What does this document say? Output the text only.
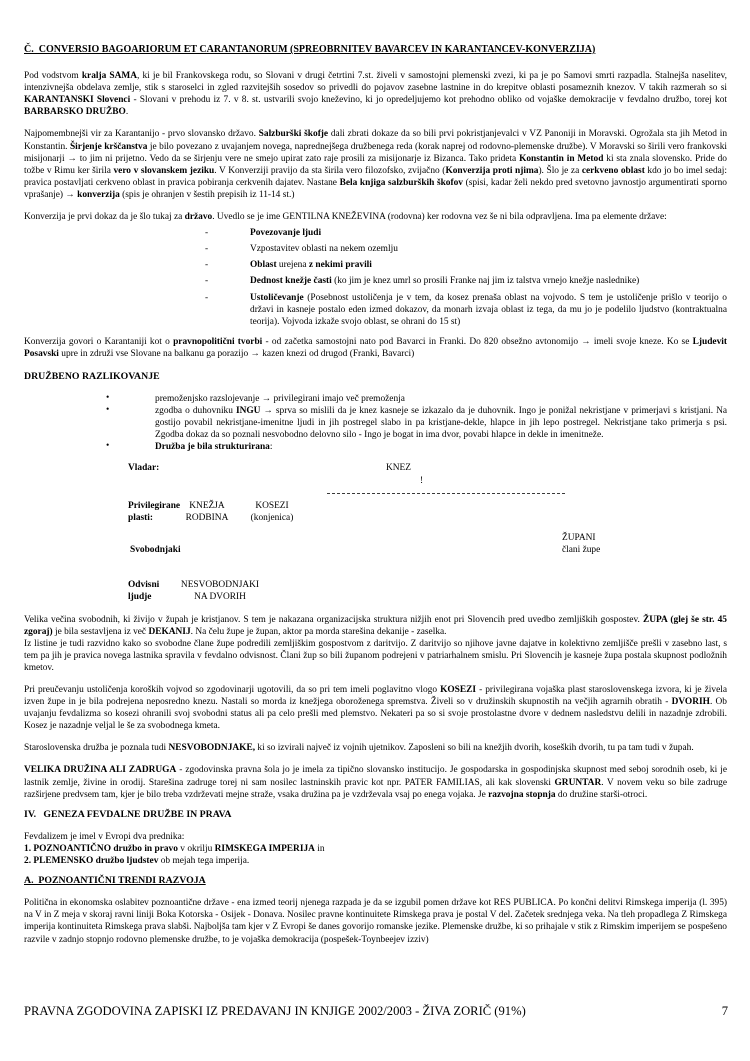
Č.  CONVERSIO BAGOARIORUM ET CARANTANORUM (SPREOBRNITEV BAVARCEV IN KARANTANCEV-KONVERZIJA)

Pod vodstvom kralja SAMA, ki je bil Frankovskega rodu, so Slovani v drugi četrtini 7.st. živeli v samostojni plemenski zvezi, ki pa je po Samovi smrti razpadla. Stalnejša naselitev, intenzivnejša obdelava zemlje, stik s staroselci in zgled razvitejših sosedov so privedli do pojavov zasebne lastnine in do krepitve oblasti posameznih knezov. V takih razmerah so si KARANTANSKI Slovenci - Slovani v prehodu iz 7. v 8. st. ustvarili svojo kneževino, ki jo opredeljujemo kot prehodno obliko od vojaške demokracije v fevdalno družbo, torej kot BARBARSKO DRUŽBO.

Najpomembnejši vir za Karantanijo - prvo slovansko državo. Salzburški škofje dali zbrati dokaze da so bili prvi pokristjanjevalci v VZ Panoniji in Moravski. Ogrožala sta jih Metod in Konstantin. Širjenje krščanstva je bilo povezano z uvajanjem novega, naprednejšega družbenega reda (korak naprej od rodovno-plemenske družbe). V Moravski so širili vero frankovski misijonarji → to jim ni prijetno. Vedo da se širjenju vere ne smejo upirat zato raje prosili za misijonarje iz Bizanca. Tako prideta Konstantin in Metod ki sta znala slovensko. Pride do tožbe v Rimu ker širila vero v slovanskem jeziku. V Konverziji pravijo da sta širila vero filozofsko, zvijačno (Konverzija proti njima). Šlo je za cerkveno oblast kdo jo bo imel sedaj: pravica postavljati cerkveno oblast in pravica pobiranja cerkvenih dajatev. Nastane Bela knjiga salzburških škofov (spisi, kadar želi nekdo pred svetovno javnostjo argumentirati sporno vprašanje) → konverzija (spis je ohranjen v šestih prepisih iz 11-14 st.)

Konverzija je prvi dokaz da je šlo tukaj za državo. Uvedlo se je ime GENTILNA KNEŽEVINA (rodovna) ker rodovna vez še ni bila odpravljena. Ima pa elemente države:

-	Povezovanje ljudi
-	Vzpostavitev oblasti na nekem ozemlju
-	Oblast urejena z nekimi pravili
-	Dednost knežje časti (ko jim je knez umrl so prosili Franke naj jim iz talstva vrnejo knežje naslednike)
-	Ustoličevanje (Posebnost ustoličenja je v tem, da kosez prenaša oblast na vojvodo. S tem je ustoličenje prišlo v teorijo o državi in kasneje postalo eden izmed dokazov, da monarh izvaja oblast iz tega, da mu jo je podelilo ljudstvo (kontraktualna teorija). Vojvoda izkaže svojo oblast, se ohrani do 15 st)

Konverzija govori o Karantaniji kot o pravnopolitični tvorbi - od začetka samostojni nato pod Bavarci in Franki. Do 820 obsežno avtonomijo → imeli svoje kneze. Ko se Ljudevit Posavski upre in združi vse Slovane na balkanu ga porazijo → kazen knezi od drugod (Franki, Bavarci)

DRUŽBENO RAZLIKOVANJE
•	premoženjsko razslojevanje → privilegirani imajo več premoženja
•	zgodba o duhovniku INGU → sprva so mislili da je knez kasneje se izkazalo da je duhovnik. Ingo je ponižal nekristjane v primerjavi s kristjani. Na gostijo povabil nekristjane-imenitne ljudi in jih postregel slabo in pa kristjane-dekle, hlapce in jih lepo postregel. Nekristjane tako primerja s psi. Zgodba dokaz da so poznali nesvobodno delovno silo - Ingo je bogat in ima dvor, povabi hlapce in dekle in imenitneže.
•	Družba je bila strukturirana:
Vladar:	KNEZ
!
Privilegirane
plasti:
KNEŽJA
RODBINA
KOSEZI
(konjenica)
ŽUPANI
člani župe
Svobodnjaki
Odvisni
ljudje
NESVOBODNJAKI
NA DVORIH

Velika večina svobodnih, ki živijo v župah je kristjanov. S tem je nakazana organizacijska struktura nižjih enot pri Slovencih pred uvedbo zemljiških gospostev. ŽUPA (glej še str. 45 zgoraj) je bila sestavljena iz več DEKANIJ. Na čelu župe je župan, aktor pa morda starešina dekanije - zaselka.

Iz listine je tudi razvidno kako so svobodne člane župe podredili zemljiškim gospostvom z daritvijo. Z daritvijo so njihove javne dajatve in kolektivno zemljišče prešli v zasebno last, s tem pa jih je pravica novega lastnika spravila v fevdalno odvisnost. Člani žup so bili županom podrejeni v patriarhalnem smislu. Pri Slovencih je kasneje župa postala skupnost podložnih kmetov.

Pri preučevanju ustoličenja koroških vojvod so zgodovinarji ugotovili, da so pri tem imeli poglavitno vlogo KOSEZI - privilegirana vojaška plast staroslovenskega izvora, ki je živela izven župe in je bila podrejena neposredno knezu. Nastali so morda iz knežjega oboroženega spremstva. Živeli so v družinskih skupnostih na večjih agrarnih obratih - DVORIH. Ob uvajanju fevdalizma so kosezi ohranili svoj svobodni status ali pa celo prešli med plemstvo. Nekateri pa so si svoje prostolastne dvore v dednem nasledstvu delili in nazadnje zdrobili. Kosez je nazadnje veljal le še za svobodnega kmeta.

Staroslovenska družba je poznala tudi NESVOBODNJAKE, ki so izvirali največ iz vojnih ujetnikov. Zaposleni so bili na knežjih dvorih, koseških dvorih, tu pa tam tudi v župah.

VELIKA DRUŽINA ALI ZADRUGA - zgodovinska pravna šola jo je imela za tipično slovansko institucijo. Je gospodarska in gospodinjska skupnost med seboj sorodnih oseb, ki je lastnik zemlje, živine in orodij. Starešina zadruge torej ni sam nosilec lastninskih pravic kot npr. PATER FAMILIAS, ali kak slovenski GRUNTAR. V novem veku so bile zadruge razširjene predvsem tam, kjer je bilo treba vzdrževati mejne straže, vsaka družina pa je vzdrževala vsaj po enega vojaka. Je razvojna stopnja do družine starši-otroci.

IV.   GENEZA FEVDALNE DRUŽBE IN PRAVA

Fevdalizem je imel v Evropi dva prednika:

1. POZNOANTIČNO družbo in pravo v okrilju RIMSKEGA IMPERIJA in

2. PLEMENSKO družbo ljudstev ob mejah tega imperija.

A.  POZNOANTIČNI TRENDI RAZVOJA

Politična in ekonomska oslabitev poznoantične države - ena izmed teorij njenega razpada je da se izgubil pomen države kot RES PUBLICA. Po končni delitvi Rimskega imperija (l. 395) na V in Z meja v skoraj ravni liniji Boka Kotorska - Osijek - Donava. Nosilec pravne kontinuitete Rimskega prava je postal V del. Začetek srednjega veka. Na tleh propadlega Z Rimskega imperija kontinuiteta Rimskega prava slabši. Najboljša tam kjer v Z Evropi še danes govorijo romanske jezike. Plemenske družbe, ki so prihajale v stik z Rimskim imperijem se pospešeno razvile v zadnjo stopnjo rodovno plemenske družbe, to je vojaška demokracija (pospešek-Toynbeejev izziv)

PRAVNA ZGODOVINA ZAPISKI IZ PREDAVANJ IN KNJIGE 2002/2003 - ŽIVA ZORIČ (91%)	7
